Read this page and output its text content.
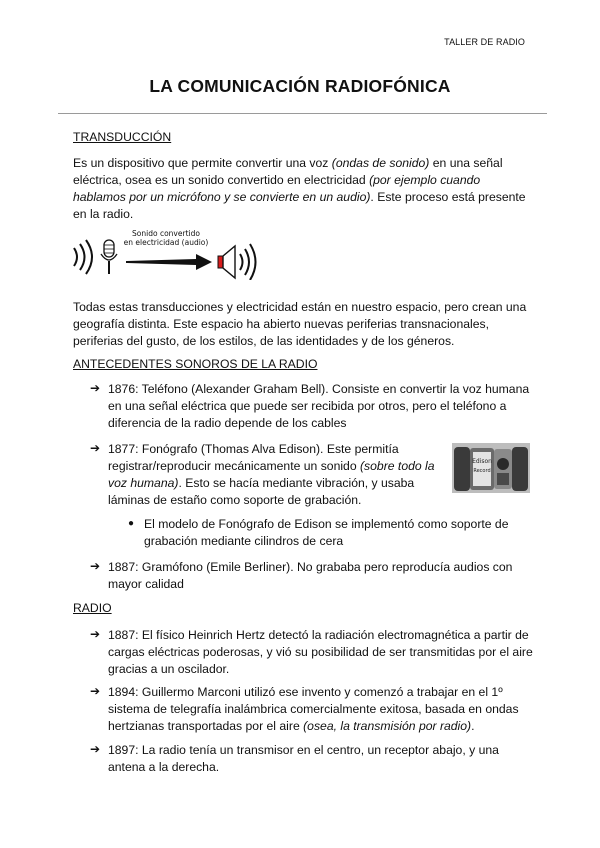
TALLER DE RADIO
LA COMUNICACIÓN RADIOFÓNICA
TRANSDUCCIÓN
Es un dispositivo que permite convertir una voz (ondas de sonido) en una señal eléctrica, osea es un sonido convertido en electricidad (por ejemplo cuando hablamos por un micrófono y se convierte en un audio). Este proceso está presente en la radio.
Sonido convertido
en electricidad (audio)
Todas estas transducciones y electricidad están en nuestro espacio, pero crean una geografía distinta. Este espacio ha abierto nuevas periferias transnacionales, periferias del gusto, de los estilos, de las identidades y de los géneros.
ANTECEDENTES SONOROS DE LA RADIO
➔ 1876: Teléfono (Alexander Graham Bell). Consiste en convertir la voz humana en una señal eléctrica que puede ser recibida por otros, pero el teléfono a diferencia de la radio depende de los cables
➔ 1877: Fonógrafo (Thomas Alva Edison). Este permitía registrar/reproducir mecánicamente un sonido (sobre todo la voz humana). Esto se hacía mediante vibración, y usaba láminas de estaño como soporte de grabación.
Edison
Record
● El modelo de Fonógrafo de Edison se implementó como soporte de grabación mediante cilindros de cera
➔ 1887: Gramófono (Emile Berliner). No grababa pero reproducía audios con mayor calidad
RADIO
➔ 1887: El físico Heinrich Hertz detectó la radiación electromagnética a partir de cargas eléctricas poderosas, y vió su posibilidad de ser transmitidas por el aire gracias a un oscilador.
➔ 1894: Guillermo Marconi utilizó ese invento y comenzó a trabajar en el 1º sistema de telegrafía inalámbrica comercialmente exitosa, basada en ondas hertzianas transportadas por el aire (osea, la transmisión por radio).
➔ 1897: La radio tenía un transmisor en el centro, un receptor abajo, y una antena a la derecha.
